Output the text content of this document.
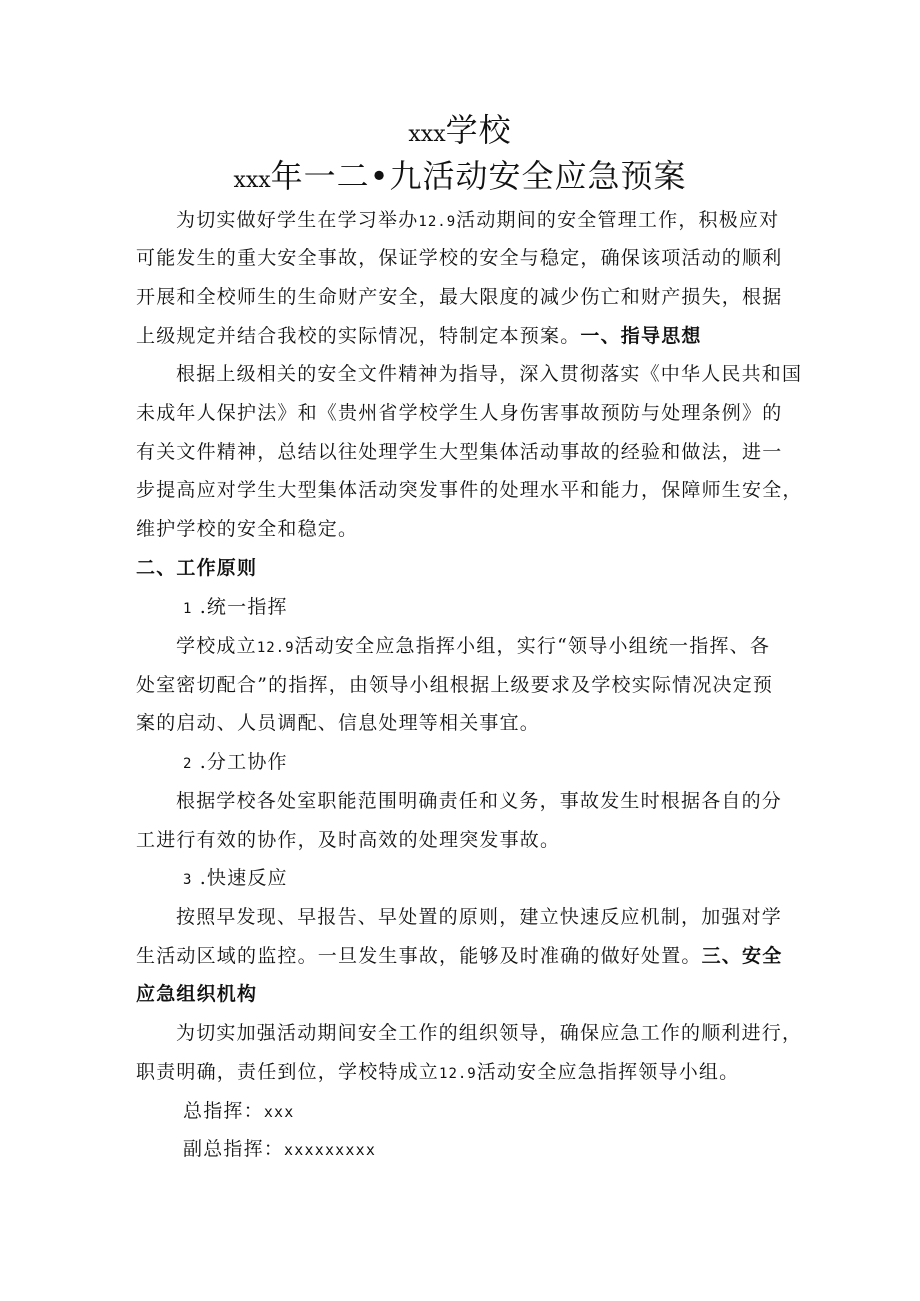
xxx学校
xxx年一二•九活动安全应急预案
为切实做好学生在学习举办12.9活动期间的安全管理工作，积极应对
可能发生的重大安全事故，保证学校的安全与稳定，确保该项活动的顺利
开展和全校师生的生命财产安全，最大限度的减少伤亡和财产损失，根据
上级规定并结合我校的实际情况，特制定本预案。一、指导思想
根据上级相关的安全文件精神为指导，深入贯彻落实《中华人民共和国
未成年人保护法》和《贵州省学校学生人身伤害事故预防与处理条例》的
有关文件精神，总结以往处理学生大型集体活动事故的经验和做法，进一
步提高应对学生大型集体活动突发事件的处理水平和能力，保障师生安全，
维护学校的安全和稳定。
二、工作原则
1 .统一指挥
学校成立12.9活动安全应急指挥小组，实行“领导小组统一指挥、各
处室密切配合”的指挥，由领导小组根据上级要求及学校实际情况决定预
案的启动、人员调配、信息处理等相关事宜。
2 .分工协作
根据学校各处室职能范围明确责任和义务，事故发生时根据各自的分
工进行有效的协作，及时高效的处理突发事故。
3 .快速反应
按照早发现、早报告、早处置的原则，建立快速反应机制，加强对学
生活动区域的监控。一旦发生事故，能够及时准确的做好处置。三、安全
应急组织机构
为切实加强活动期间安全工作的组织领导，确保应急工作的顺利进行，
职责明确，责任到位，学校特成立12.9活动安全应急指挥领导小组。
总指挥：xxx
副总指挥：xxxxxxxxx
